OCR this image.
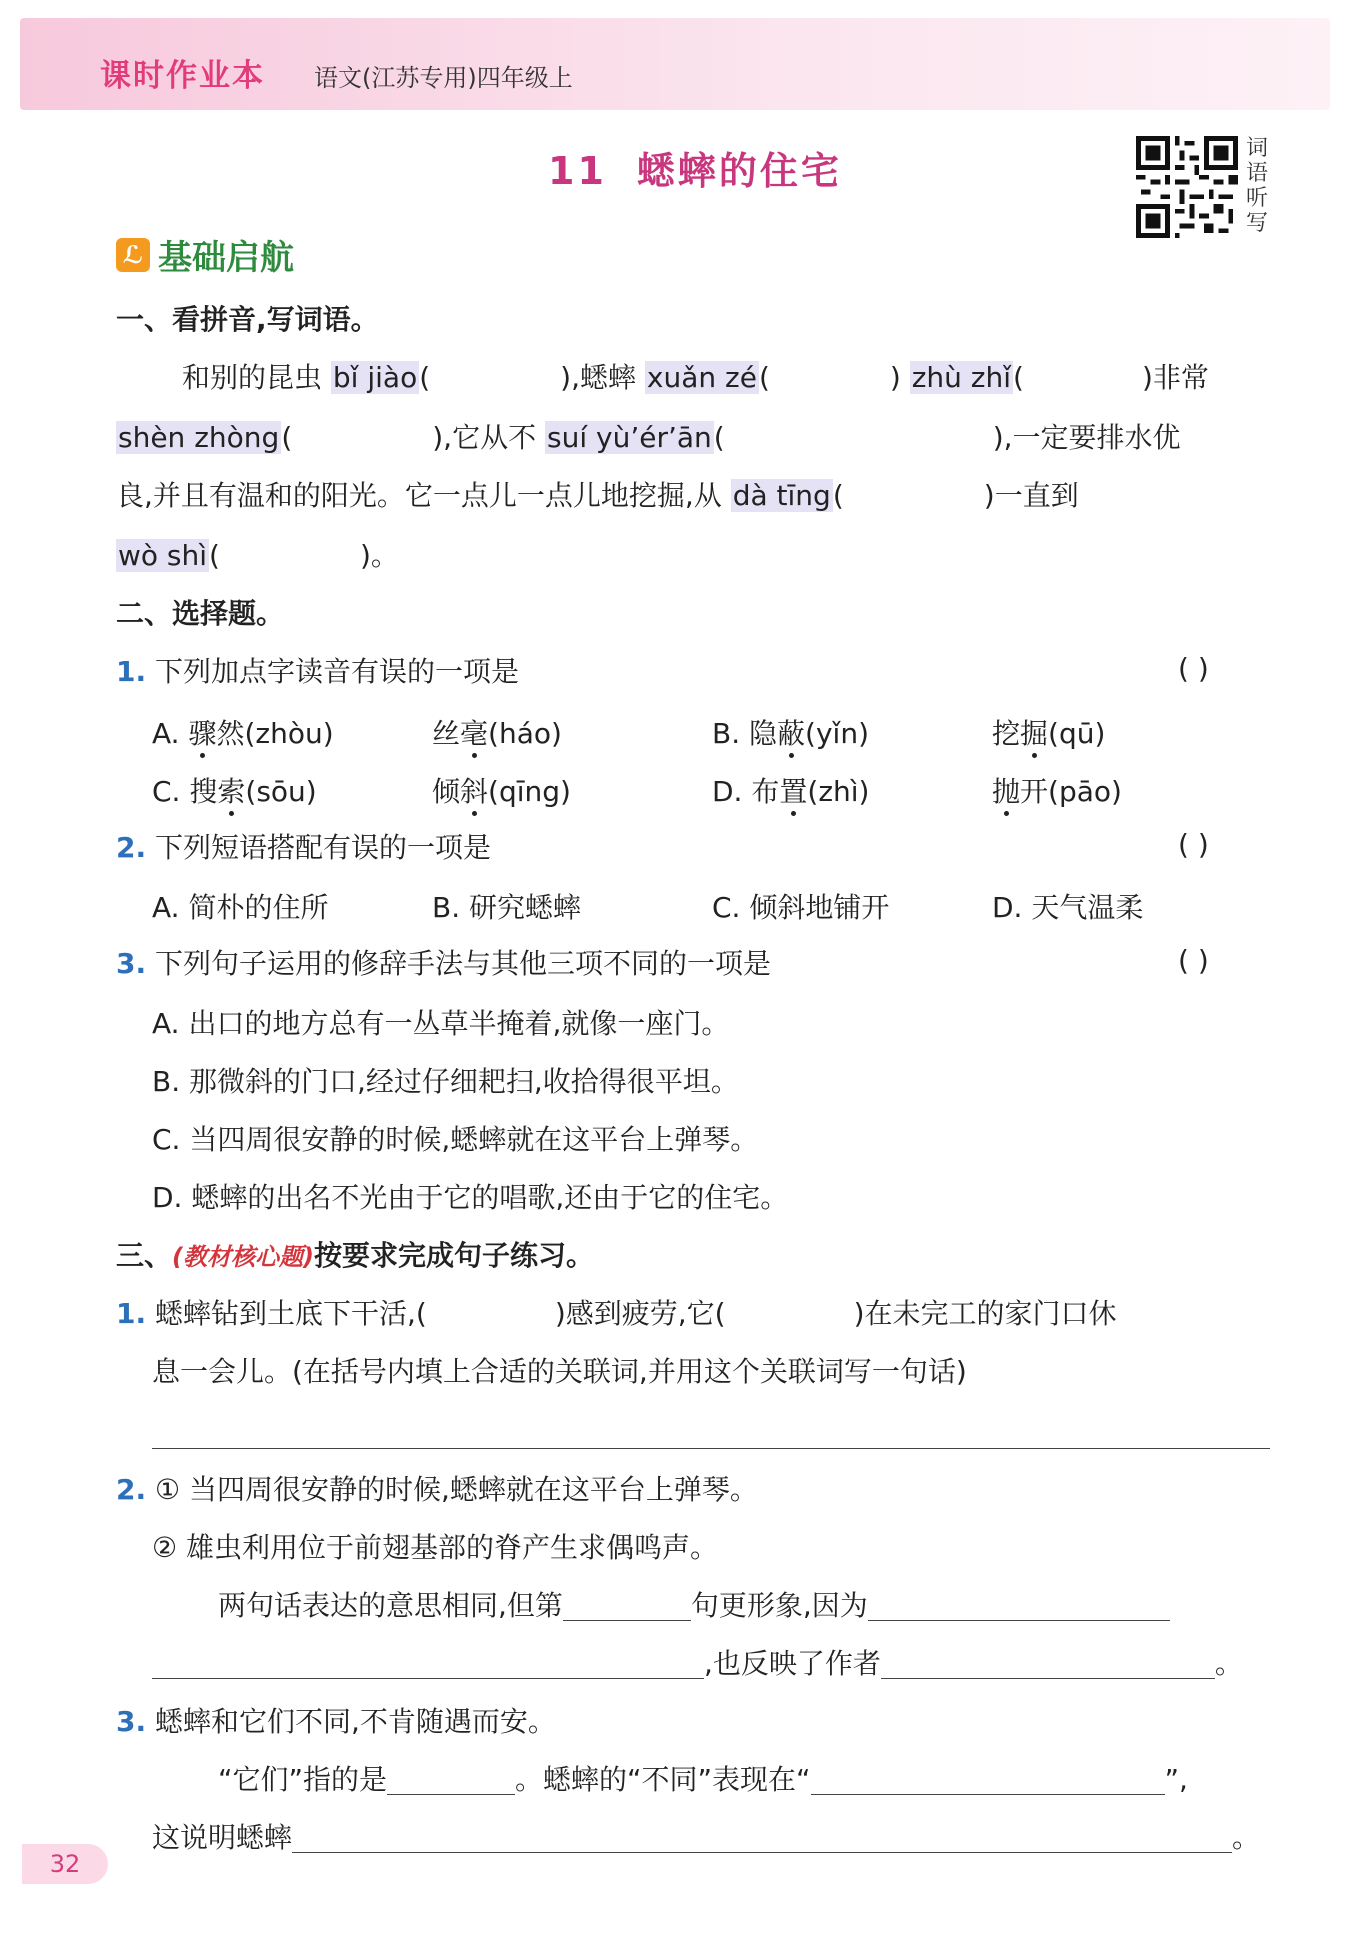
课时作业本 语文(江苏专用)四年级上
11 蟋蟀的住宅
词
语
听
写
ℒ 基础启航
一、看拼音,写词语。
和别的昆虫 bǐ jiào(	),蟋蟀 xuǎn zé(	) zhù zhǐ(	)非常
shèn zhòng(	),它从不 suí yù’ér’ān(	),一定要排水优
良,并且有温和的阳光。它一点儿一点儿地挖掘,从 dà tīng(	)一直到
wò shì(	)。
二、选择题。
1. 下列加点字读音有误的一项是	( )
A. 骤然(zhòu)	丝毫(háo)	B. 隐蔽(yǐn)	挖掘(qū)
C. 搜索(sōu)	倾斜(qīng)	D. 布置(zhì)	抛开(pāo)
2. 下列短语搭配有误的一项是	( )
A. 简朴的住所	B. 研究蟋蟀	C. 倾斜地铺开	D. 天气温柔
3. 下列句子运用的修辞手法与其他三项不同的一项是	( )
A. 出口的地方总有一丛草半掩着,就像一座门。
B. 那微斜的门口,经过仔细耙扫,收拾得很平坦。
C. 当四周很安静的时候,蟋蟀就在这平台上弹琴。
D. 蟋蟀的出名不光由于它的唱歌,还由于它的住宅。
三、(教材核心题)按要求完成句子练习。
1. 蟋蟀钻到土底下干活,(	)感到疲劳,它(	)在未完工的家门口休
息一会儿。(在括号内填上合适的关联词,并用这个关联词写一句话)
2. ① 当四周很安静的时候,蟋蟀就在这平台上弹琴。
② 雄虫利用位于前翅基部的脊产生求偶鸣声。
两句话表达的意思相同,但第	句更形象,因为
,也反映了作者	。
3. 蟋蟀和它们不同,不肯随遇而安。
“它们”指的是	。蟋蟀的“不同”表现在“	”,
这说明蟋蟀	。
32
